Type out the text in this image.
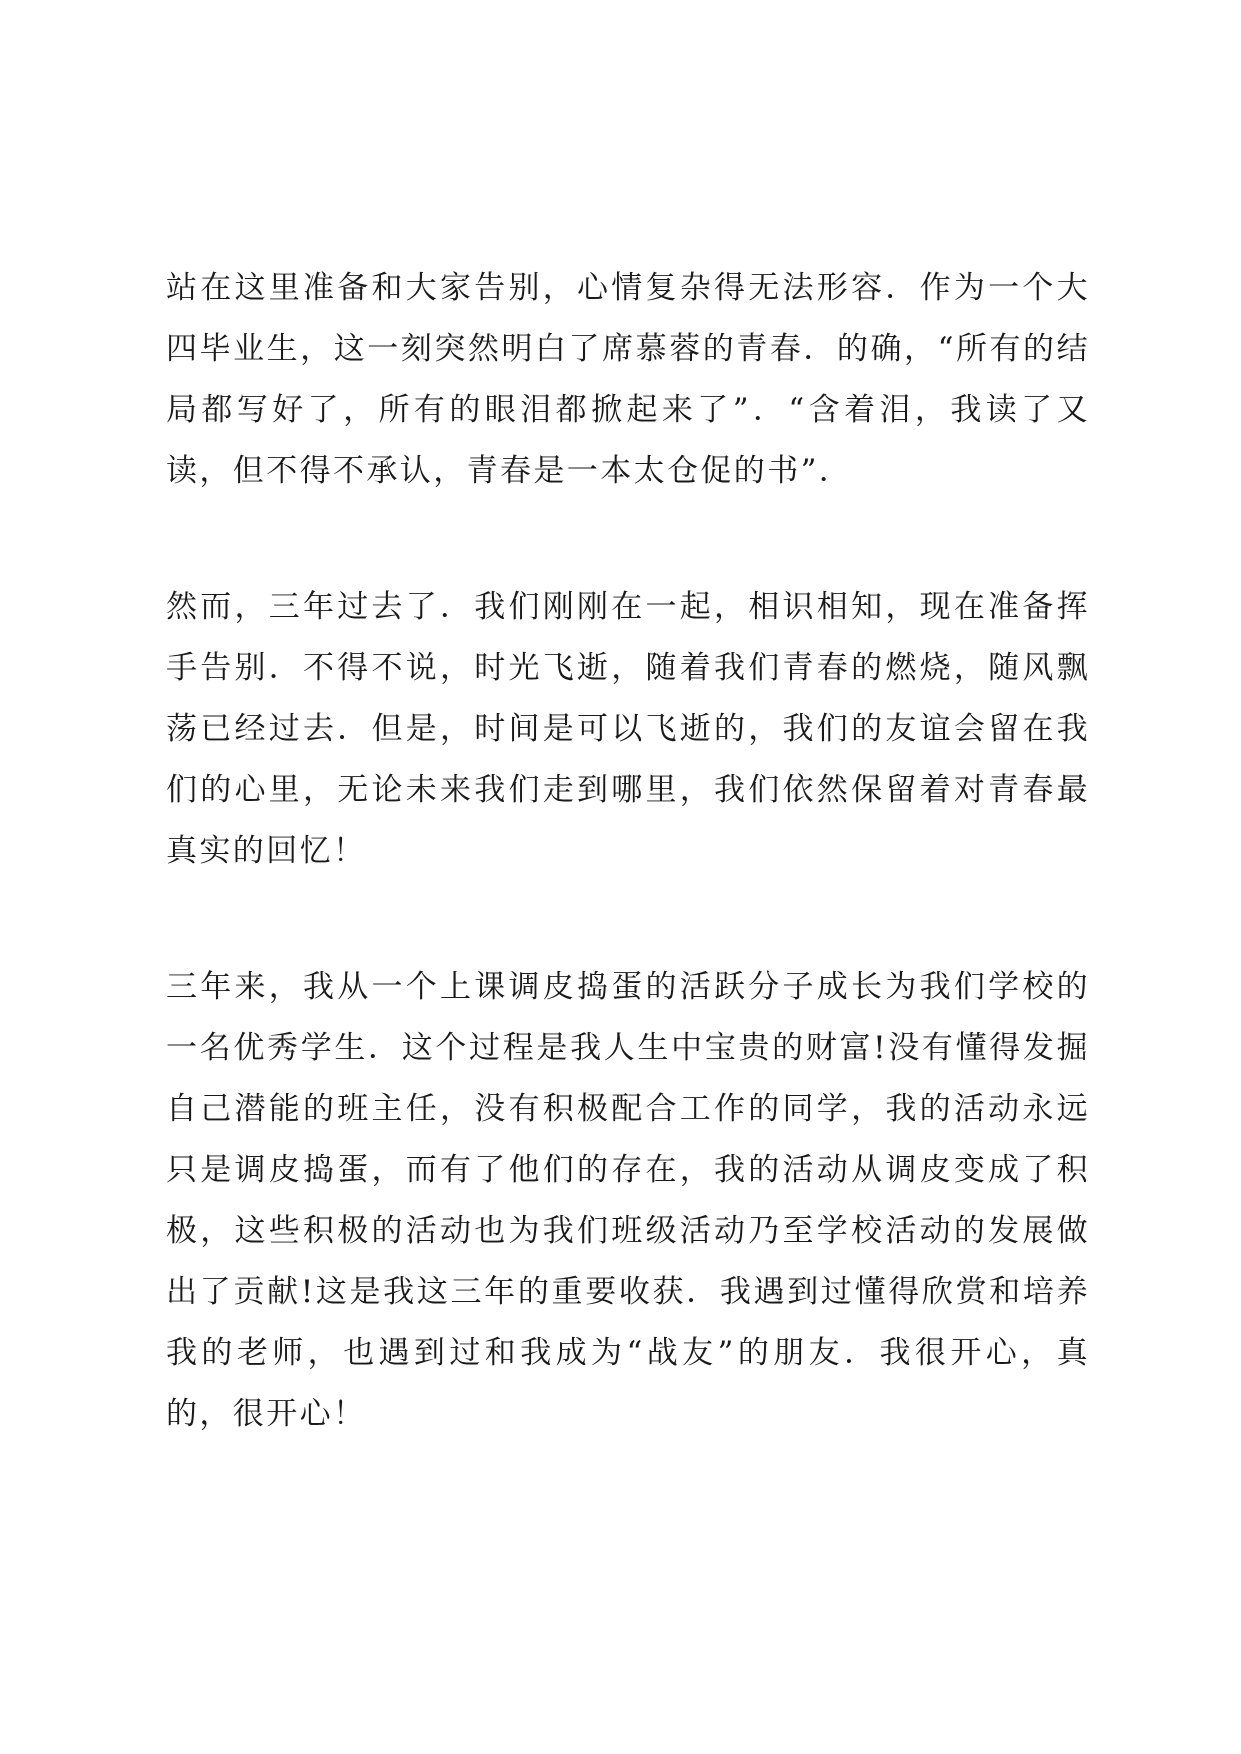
站在这里准备和大家告别，心情复杂得无法形容．作为一个大四毕业生，这一刻突然明白了席慕蓉的青春．的确，“所有的结局都写好了，所有的眼泪都掀起来了”．“含着泪，我读了又读，但不得不承认，青春是一本太仓促的书”．

然而，三年过去了．我们刚刚在一起，相识相知，现在准备挥手告别．不得不说，时光飞逝，随着我们青春的燃烧，随风飘荡已经过去．但是，时间是可以飞逝的，我们的友谊会留在我们的心里，无论未来我们走到哪里，我们依然保留着对青春最真实的回忆！

三年来，我从一个上课调皮捣蛋的活跃分子成长为我们学校的一名优秀学生．这个过程是我人生中宝贵的财富!没有懂得发掘自己潜能的班主任，没有积极配合工作的同学，我的活动永远只是调皮捣蛋，而有了他们的存在，我的活动从调皮变成了积极，这些积极的活动也为我们班级活动乃至学校活动的发展做出了贡献!这是我这三年的重要收获．我遇到过懂得欣赏和培养我的老师，也遇到过和我成为“战友”的朋友．我很开心，真的，很开心！
